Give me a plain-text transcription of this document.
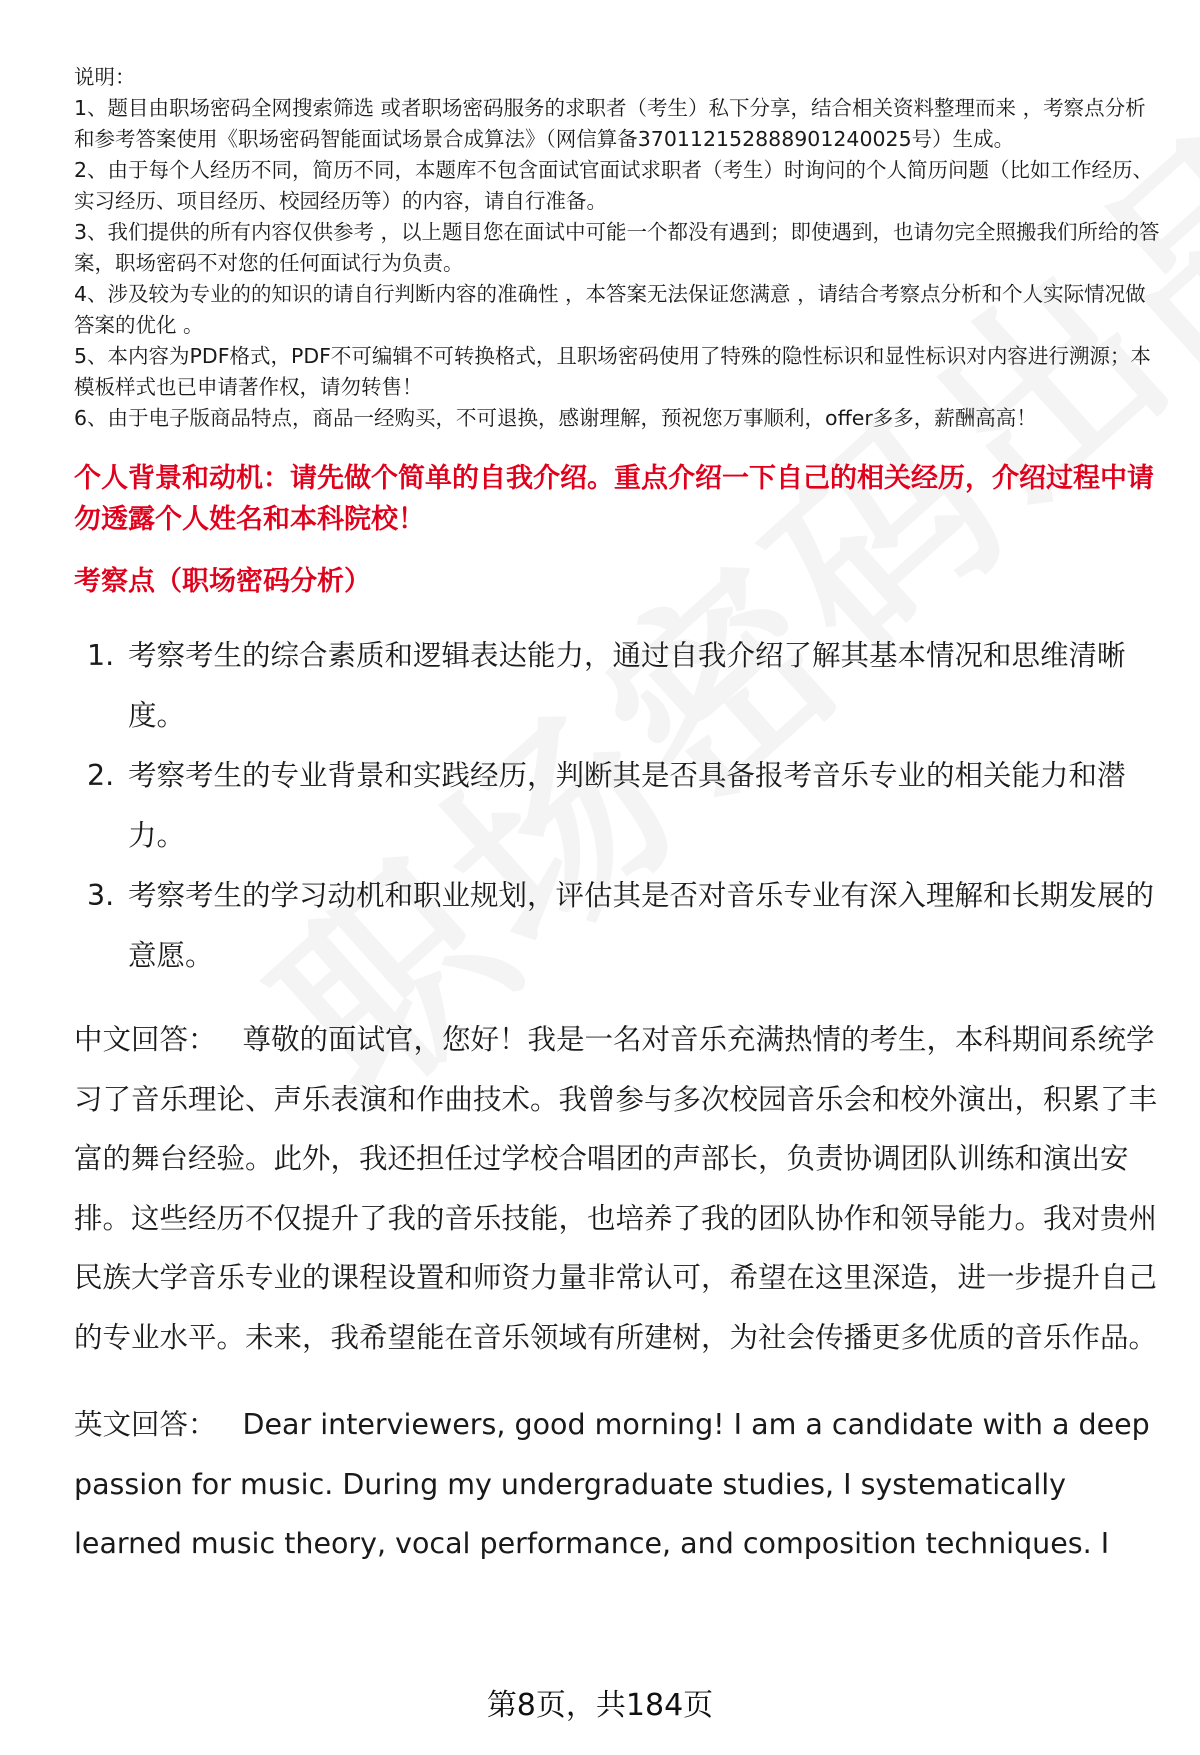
说明：

1、题目由职场密码全网搜索筛选 或者职场密码服务的求职者（考生）私下分享，结合相关资料整理而来 ，考察点分析和参考答案使用《职场密码智能面试场景合成算法》（网信算备370112152888901240025号）生成。

2、由于每个人经历不同，简历不同，本题库不包含面试官面试求职者（考生）时询问的个人简历问题（比如工作经历、实习经历、项目经历、校园经历等）的内容，请自行准备。

3、我们提供的所有内容仅供参考 ，以上题目您在面试中可能一个都没有遇到；即使遇到，也请勿完全照搬我们所给的答案，职场密码不对您的任何面试行为负责。

4、涉及较为专业的的知识的请自行判断内容的准确性 ，本答案无法保证您满意 ，请结合考察点分析和个人实际情况做答案的优化 。

5、本内容为PDF格式，PDF不可编辑不可转换格式，且职场密码使用了特殊的隐性标识和显性标识对内容进行溯源；本模板样式也已申请著作权，请勿转售！

6、由于电子版商品特点，商品一经购买，不可退换，感谢理解，预祝您万事顺利，offer多多，薪酬高高！

个人背景和动机：请先做个简单的自我介绍。重点介绍一下自己的相关经历，介绍过程中请勿透露个人姓名和本科院校！
考察点（职场密码分析）
1. 考察考生的综合素质和逻辑表达能力，通过自我介绍了解其基本情况和思维清晰度。
2. 考察考生的专业背景和实践经历，判断其是否具备报考音乐专业的相关能力和潜力。
3. 考察考生的学习动机和职业规划，评估其是否对音乐专业有深入理解和长期发展的意愿。

中文回答： 尊敬的面试官，您好！我是一名对音乐充满热情的考生，本科期间系统学习了音乐理论、声乐表演和作曲技术。我曾参与多次校园音乐会和校外演出，积累了丰富的舞台经验。此外，我还担任过学校合唱团的声部长，负责协调团队训练和演出安排。这些经历不仅提升了我的音乐技能，也培养了我的团队协作和领导能力。我对贵州民族大学音乐专业的课程设置和师资力量非常认可，希望在这里深造，进一步提升自己的专业水平。未来，我希望能在音乐领域有所建树，为社会传播更多优质的音乐作品。

英文回答： Dear interviewers, good morning! I am a candidate with a deep passion for music. During my undergraduate studies, I systematically learned music theory, vocal performance, and composition techniques. I

第8页，共184页
